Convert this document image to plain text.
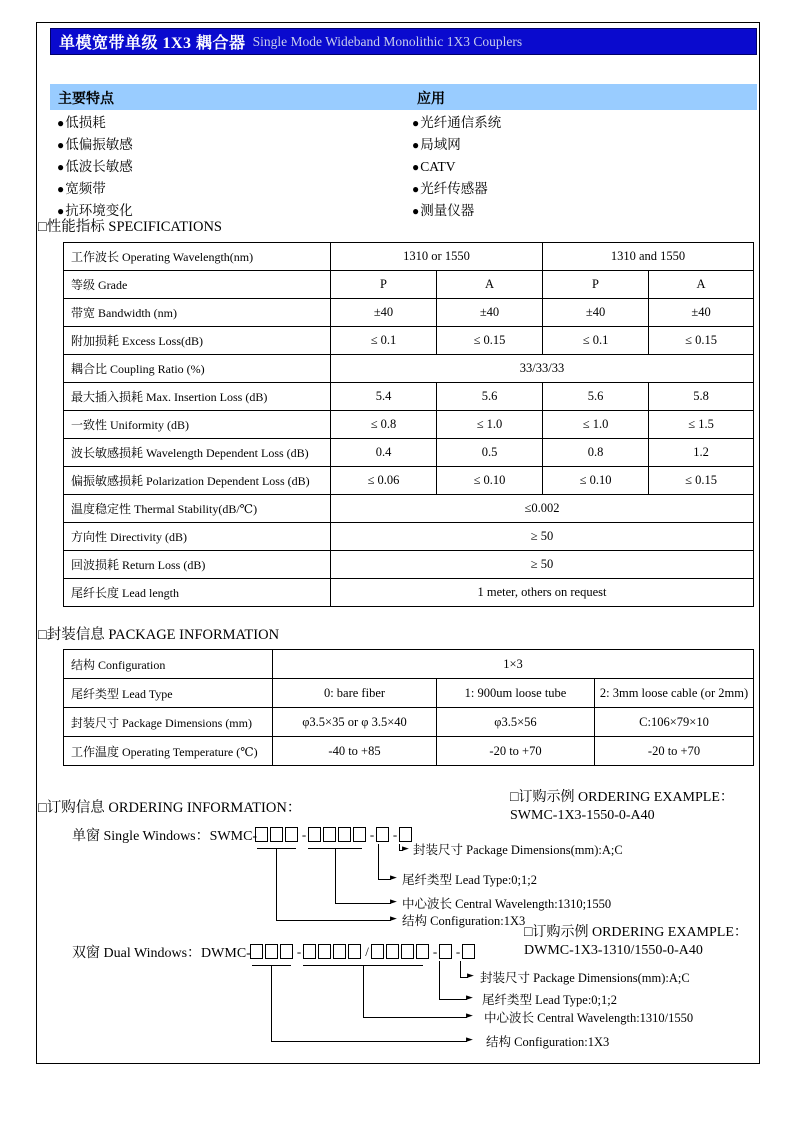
单模宽带单级 1X3 耦合器 Single Mode Wideband Monolithic 1X3 Couplers
主要特点	应用
●低损耗
●低偏振敏感
●低波长敏感
●宽频带
●抗环境变化
●光纤通信系统
●局域网
●CATV
●光纤传感器
●测量仪器
□性能指标 SPECIFICATIONS
工作波长 Operating Wavelength(nm)	1310 or 1550		1310 and 1550	
等级 Grade	P	A	P	A
带宽 Bandwidth (nm)	±40	±40	±40	±40
附加损耗 Excess Loss(dB)	≤ 0.1	≤ 0.15	≤ 0.1	≤ 0.15
耦合比 Coupling Ratio (%)	33/33/33			
最大插入损耗 Max. Insertion Loss (dB)	5.4	5.6	5.6	5.8
一致性 Uniformity (dB)	≤ 0.8	≤ 1.0	≤ 1.0	≤ 1.5
波长敏感损耗 Wavelength Dependent Loss (dB)	0.4	0.5	0.8	1.2
偏振敏感损耗 Polarization Dependent Loss (dB)	≤ 0.06	≤ 0.10	≤ 0.10	≤ 0.15
温度稳定性 Thermal Stability(dB/℃)	≤0.002			
方向性 Directivity (dB)	≥ 50			
回波损耗 Return Loss (dB)	≥ 50			
尾纤长度 Lead length	1 meter, others on request			
□封装信息 PACKAGE INFORMATION
结构 Configuration	1×3		
尾纤类型 Lead Type	0: bare fiber	1: 900um loose tube	2: 3mm loose cable (or 2mm)
封装尺寸 Package Dimensions (mm)	φ3.5×35 or φ 3.5×40	φ3.5×56	C:106×79×10
工作温度 Operating Temperature (℃)	-40 to +85	-20 to +70	-20 to +70
□订购信息 ORDERING INFORMATION：
□订购示例 ORDERING EXAMPLE：
SWMC-1X3-1550-0-A40
单窗 Single Windows：SWMC-	-	- -
►
►
►
►
封装尺寸 Package Dimensions(mm):A;C
尾纤类型 Lead Type:0;1;2
中心波长 Central Wavelength:1310;1550
结构 Configuration:1X3
□订购示例 ORDERING EXAMPLE：
DWMC-1X3-1310/1550-0-A40
双窗 Dual Windows：DWMC-	-	/	- -
►
►
►
►
封装尺寸 Package Dimensions(mm):A;C
尾纤类型 Lead Type:0;1;2
中心波长 Central Wavelength:1310/1550
结构 Configuration:1X3
